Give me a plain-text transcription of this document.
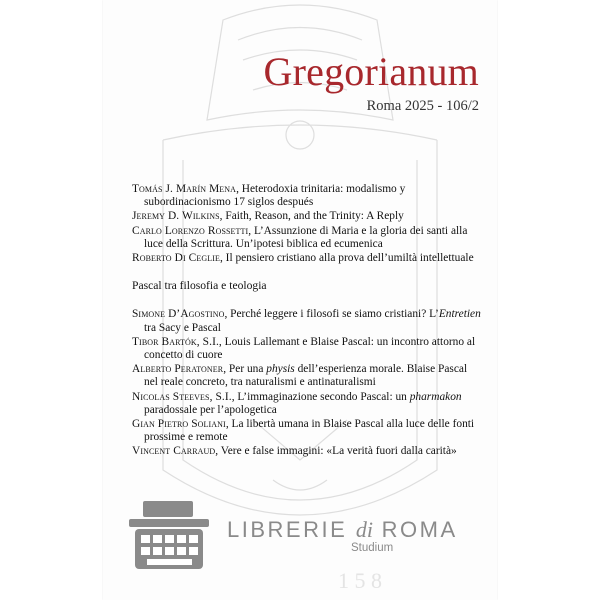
1 5 8
Gregorianum
Roma 2025 - 106/2
Tomás J. Marín Mena, Heterodoxia trinitaria: modalismo y subordinacionismo 17 siglos después
Jeremy D. Wilkins, Faith, Reason, and the Trinity: A Reply
Carlo Lorenzo Rossetti, L’Assunzione di Maria e la gloria dei santi alla luce della Scrittura. Un’ipotesi biblica ed ecumenica
Roberto Di Ceglie, Il pensiero cristiano alla prova dell’umiltà intellettuale
Pascal tra filosofia e teologia
Simone D’Agostino, Perché leggere i filosofi se siamo cristiani? L’Entretien tra Sacy e Pascal
Tibor Bartók, S.I., Louis Lallemant e Blaise Pascal: un incontro attorno al concetto di cuore
Alberto Peratoner, Per una physis dell’esperienza morale. Blaise Pascal nel reale concreto, tra naturalismi e antinaturalismi
Nicolas Steeves, S.I., L’immaginazione secondo Pascal: un pharmakon paradossale per l’apologetica
Gian Pietro Soliani, La libertà umana in Blaise Pascal alla luce delle fonti prossime e remote
Vincent Carraud, Vere e false immagini: «La verità fuori dalla carità»
LIBRERIE di ROMA
Studium
